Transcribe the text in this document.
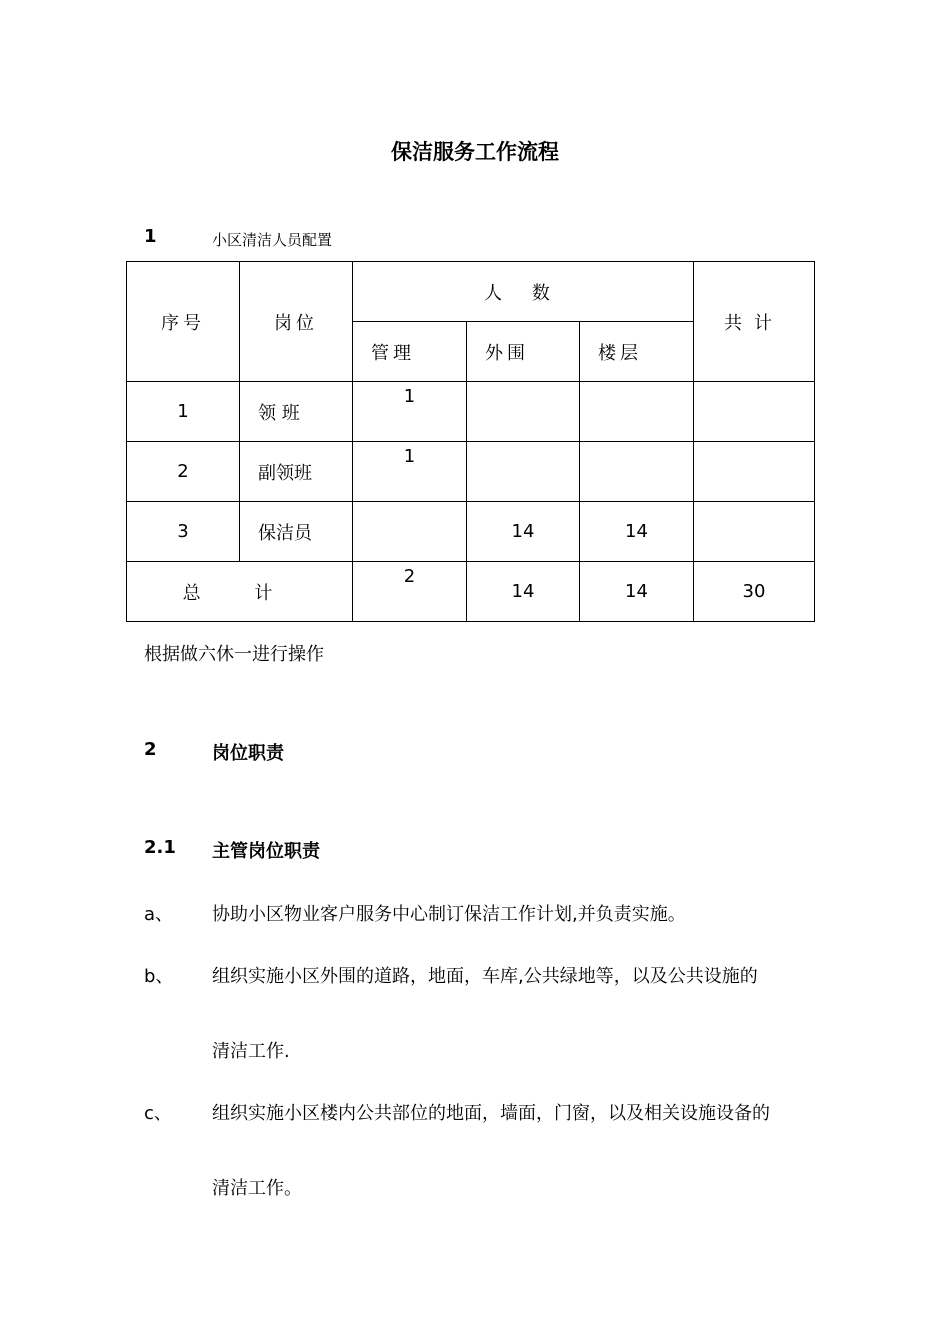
保洁服务工作流程
1	小区清洁人员配置
序号	岗位	人 数			共计
		管理	外围	楼层	
1	领 班	1			
2	副领班	1			
3	保洁员		14	14	
总 计		2	14	14	30
根据做六休一进行操作
2	岗位职责
2.1 主管岗位职责
a、 协助小区物业客户服务中心制订保洁工作计划,并负责实施。
b、 组织实施小区外围的道路，地面，车库,公共绿地等，以及公共设施的
清洁工作.
c、 组织实施小区楼内公共部位的地面，墙面，门窗，以及相关设施设备的
清洁工作。
